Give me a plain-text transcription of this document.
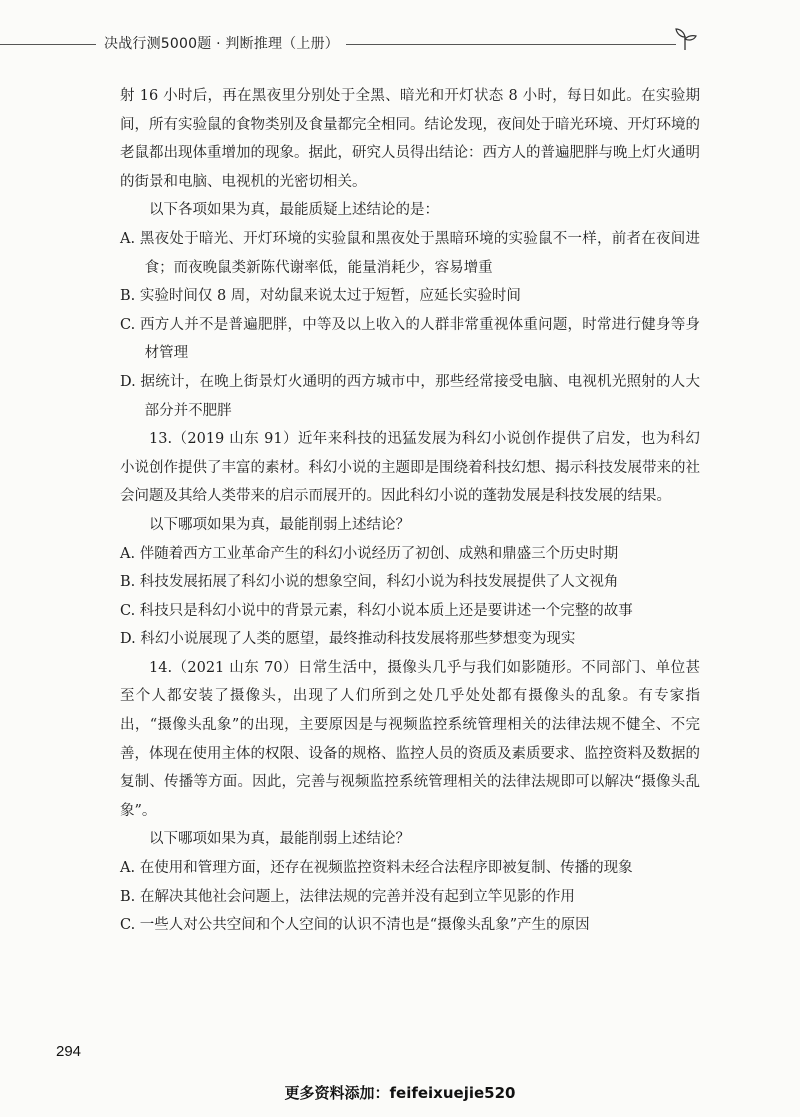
决战行测5000题 · 判断推理（上册）

射 16 小时后，再在黑夜里分别处于全黑、暗光和开灯状态 8 小时，每日如此。在实验期间，所有实验鼠的食物类别及食量都完全相同。结论发现，夜间处于暗光环境、开灯环境的老鼠都出现体重增加的现象。据此，研究人员得出结论：西方人的普遍肥胖与晚上灯火通明的街景和电脑、电视机的光密切相关。

以下各项如果为真，最能质疑上述结论的是：

A. 黑夜处于暗光、开灯环境的实验鼠和黑夜处于黑暗环境的实验鼠不一样，前者在夜间进食；而夜晚鼠类新陈代谢率低，能量消耗少，容易增重

B. 实验时间仅 8 周，对幼鼠来说太过于短暂，应延长实验时间

C. 西方人并不是普遍肥胖，中等及以上收入的人群非常重视体重问题，时常进行健身等身材管理

D. 据统计，在晚上街景灯火通明的西方城市中，那些经常接受电脑、电视机光照射的人大部分并不肥胖

13.（2019 山东 91）近年来科技的迅猛发展为科幻小说创作提供了启发，也为科幻小说创作提供了丰富的素材。科幻小说的主题即是围绕着科技幻想、揭示科技发展带来的社会问题及其给人类带来的启示而展开的。因此科幻小说的蓬勃发展是科技发展的结果。

以下哪项如果为真，最能削弱上述结论？

A. 伴随着西方工业革命产生的科幻小说经历了初创、成熟和鼎盛三个历史时期

B. 科技发展拓展了科幻小说的想象空间，科幻小说为科技发展提供了人文视角

C. 科技只是科幻小说中的背景元素，科幻小说本质上还是要讲述一个完整的故事

D. 科幻小说展现了人类的愿望，最终推动科技发展将那些梦想变为现实

14.（2021 山东 70）日常生活中，摄像头几乎与我们如影随形。不同部门、单位甚至个人都安装了摄像头，出现了人们所到之处几乎处处都有摄像头的乱象。有专家指出，“摄像头乱象”的出现，主要原因是与视频监控系统管理相关的法律法规不健全、不完善，体现在使用主体的权限、设备的规格、监控人员的资质及素质要求、监控资料及数据的复制、传播等方面。因此，完善与视频监控系统管理相关的法律法规即可以解决“摄像头乱象”。

以下哪项如果为真，最能削弱上述结论？

A. 在使用和管理方面，还存在视频监控资料未经合法程序即被复制、传播的现象

B. 在解决其他社会问题上，法律法规的完善并没有起到立竿见影的作用

C. 一些人对公共空间和个人空间的认识不清也是“摄像头乱象”产生的原因

294
更多资料添加：feifeixuejie520
